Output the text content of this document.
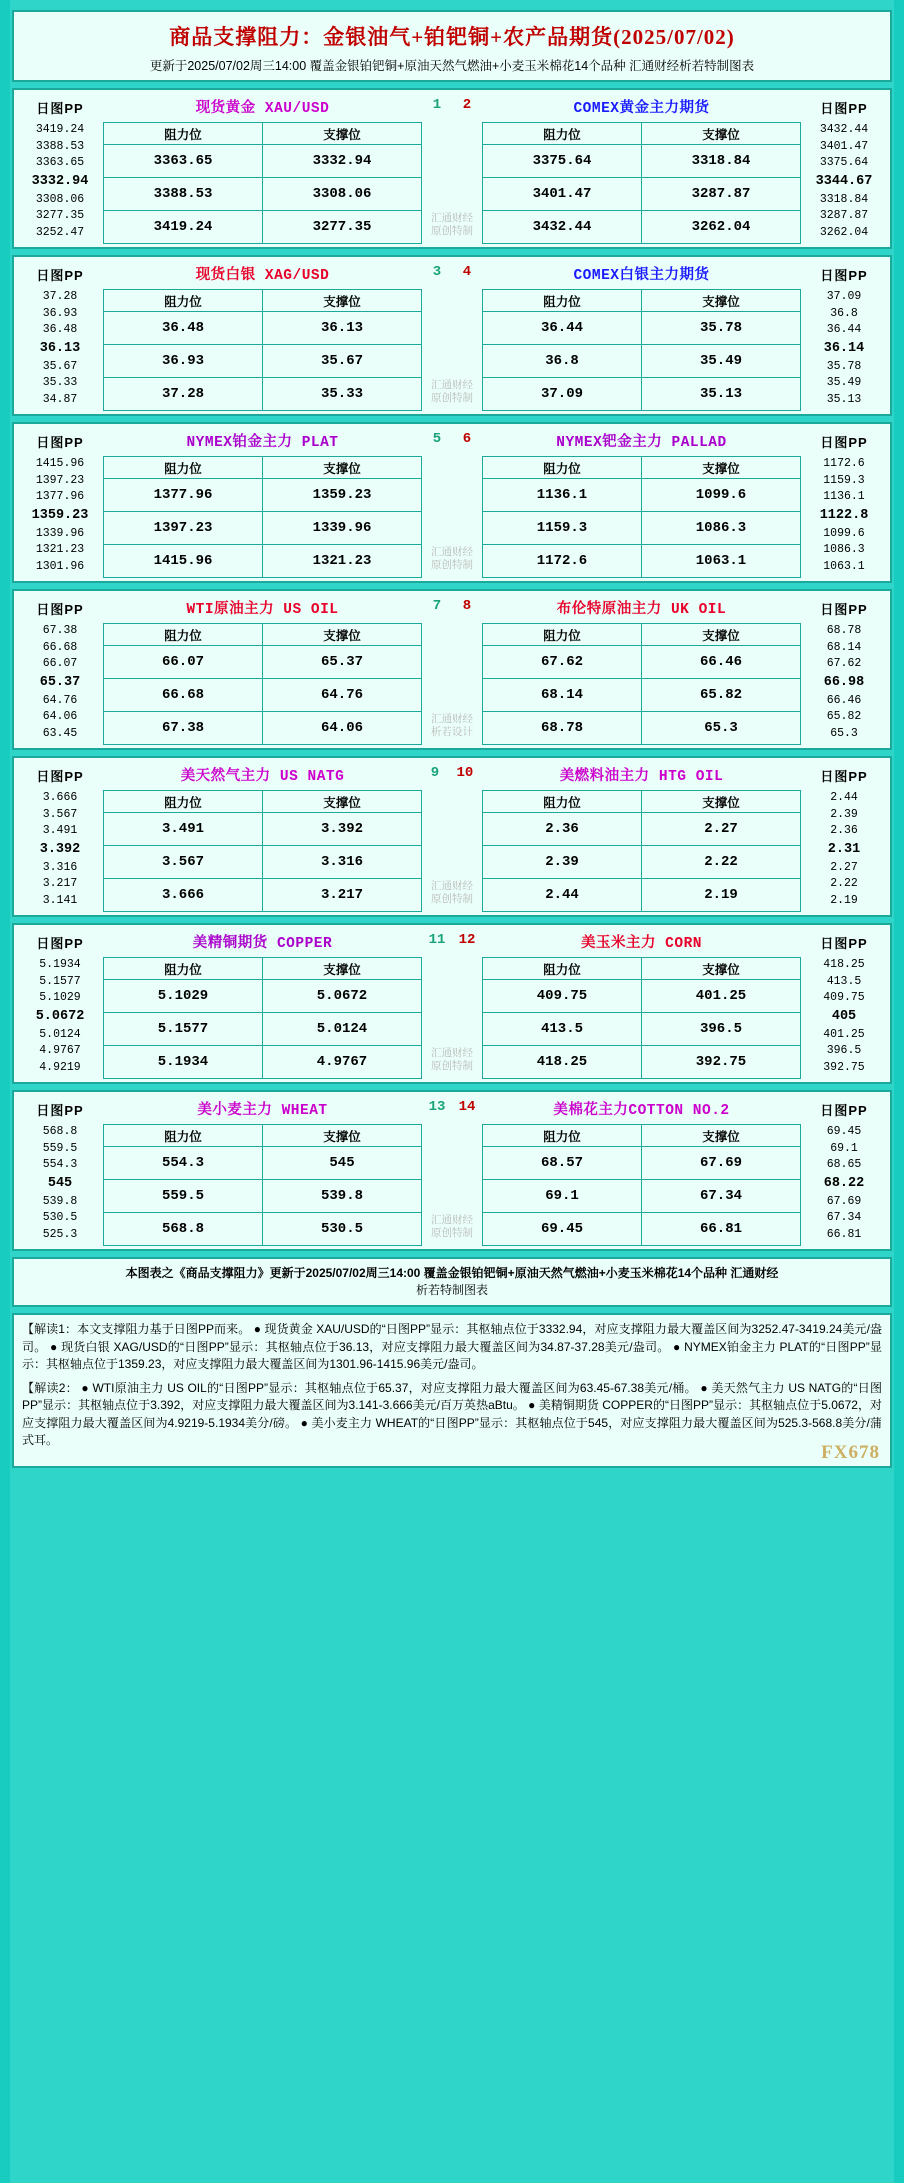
商品支撑阻力：金银油气+铂钯铜+农产品期货(2025/07/02)
更新于2025/07/02周三14:00 覆盖金银铂钯铜+原油天然气燃油+小麦玉米棉花14个品种 汇通财经析若特制图表
日图PP
3419.24
3388.53
3363.65
3332.94
3308.06
3277.35
3252.47
现货黄金 XAU/USD
阻力位	支撑位
3363.65	3332.94
3388.53	3308.06
3419.24	3277.35
1 2
汇通财经
原创特制
COMEX黄金主力期货
阻力位	支撑位
3375.64	3318.84
3401.47	3287.87
3432.44	3262.04
日图PP
3432.44
3401.47
3375.64
3344.67
3318.84
3287.87
3262.04
日图PP
37.28
36.93
36.48
36.13
35.67
35.33
34.87
现货白银 XAG/USD
阻力位	支撑位
36.48	36.13
36.93	35.67
37.28	35.33
3 4
汇通财经
原创特制
COMEX白银主力期货
阻力位	支撑位
36.44	35.78
36.8	35.49
37.09	35.13
日图PP
37.09
36.8
36.44
36.14
35.78
35.49
35.13
日图PP
1415.96
1397.23
1377.96
1359.23
1339.96
1321.23
1301.96
NYMEX铂金主力 PLAT
阻力位	支撑位
1377.96	1359.23
1397.23	1339.96
1415.96	1321.23
5 6
汇通财经
原创特制
NYMEX钯金主力 PALLAD
阻力位	支撑位
1136.1	1099.6
1159.3	1086.3
1172.6	1063.1
日图PP
1172.6
1159.3
1136.1
1122.8
1099.6
1086.3
1063.1
日图PP
67.38
66.68
66.07
65.37
64.76
64.06
63.45
WTI原油主力 US OIL
阻力位	支撑位
66.07	65.37
66.68	64.76
67.38	64.06
7 8
汇通财经
析若设计
布伦特原油主力 UK OIL
阻力位	支撑位
67.62	66.46
68.14	65.82
68.78	65.3
日图PP
68.78
68.14
67.62
66.98
66.46
65.82
65.3
日图PP
3.666
3.567
3.491
3.392
3.316
3.217
3.141
美天然气主力 US NATG
阻力位	支撑位
3.491	3.392
3.567	3.316
3.666	3.217
9 10
汇通财经
原创特制
美燃料油主力 HTG OIL
阻力位	支撑位
2.36	2.27
2.39	2.22
2.44	2.19
日图PP
2.44
2.39
2.36
2.31
2.27
2.22
2.19
日图PP
5.1934
5.1577
5.1029
5.0672
5.0124
4.9767
4.9219
美精铜期货 COPPER
阻力位	支撑位
5.1029	5.0672
5.1577	5.0124
5.1934	4.9767
11 12
汇通财经
原创特制
美玉米主力 CORN
阻力位	支撑位
409.75	401.25
413.5	396.5
418.25	392.75
日图PP
418.25
413.5
409.75
405
401.25
396.5
392.75
日图PP
568.8
559.5
554.3
545
539.8
530.5
525.3
美小麦主力 WHEAT
阻力位	支撑位
554.3	545
559.5	539.8
568.8	530.5
13 14
汇通财经
原创特制
美棉花主力COTTON NO.2
阻力位	支撑位
68.57	67.69
69.1	67.34
69.45	66.81
日图PP
69.45
69.1
68.65
68.22
67.69
67.34
66.81
本图表之《商品支撑阻力》更新于2025/07/02周三14:00 覆盖金银铂钯铜+原油天然气燃油+小麦玉米棉花14个品种 汇通财经
析若特制图表

【解读1：本文支撑阻力基于日图PP而来。 ● 现货黄金 XAU/USD的“日图PP”显示：其枢轴点位于3332.94，对应支撑阻力最大覆盖区间为3252.47-3419.24美元/盎司。 ● 现货白银 XAG/USD的“日图PP”显示：其枢轴点位于36.13，对应支撑阻力最大覆盖区间为34.87-37.28美元/盎司。 ● NYMEX铂金主力 PLAT的“日图PP”显示：其枢轴点位于1359.23，对应支撑阻力最大覆盖区间为1301.96-1415.96美元/盎司。

【解读2： ● WTI原油主力 US OIL的“日图PP”显示：其枢轴点位于65.37，对应支撑阻力最大覆盖区间为63.45-67.38美元/桶。 ● 美天然气主力 US NATG的“日图PP”显示：其枢轴点位于3.392，对应支撑阻力最大覆盖区间为3.141-3.666美元/百万英热aBtu。 ● 美精铜期货 COPPER的“日图PP”显示：其枢轴点位于5.0672，对应支撑阻力最大覆盖区间为4.9219-5.1934美分/磅。 ● 美小麦主力 WHEAT的“日图PP”显示：其枢轴点位于545，对应支撑阻力最大覆盖区间为525.3-568.8美分/蒲式耳。

FX678
